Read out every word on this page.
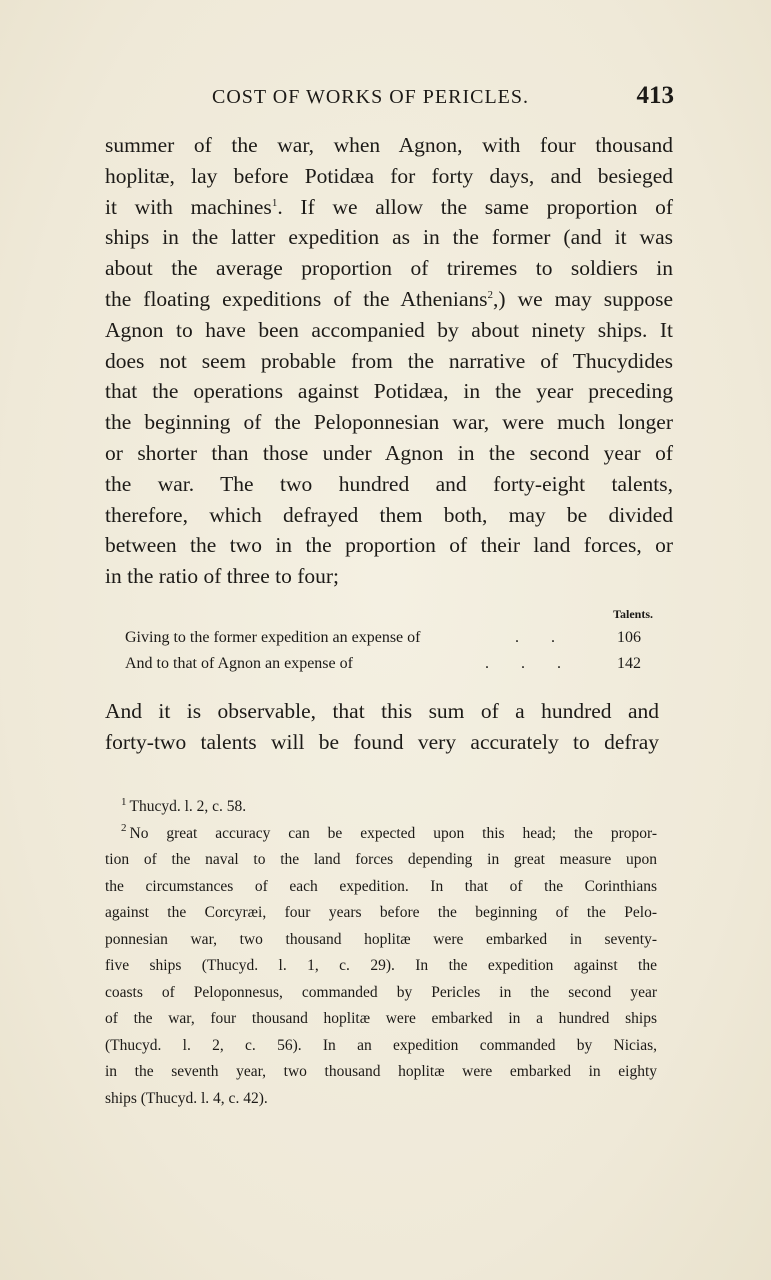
COST OF WORKS OF PERICLES.	413
summer of the war, when Agnon, with four thousand
hoplitæ, lay before Potidæa for forty days, and besieged
it with machines$^1$. If we allow the same proportion of
ships in the latter expedition as in the former (and it was
about the average proportion of triremes to soldiers in
the floating expeditions of the Athenians$^2$,) we may suppose
Agnon to have been accompanied by about ninety ships. It
does not seem probable from the narrative of Thucydides
that the operations against Potidæa, in the year preceding
the beginning of the Peloponnesian war, were much longer
or shorter than those under Agnon in the second year of
the war. The two hundred and forty-eight talents,
therefore, which defrayed them both, may be divided
between the two in the proportion of their land forces, or
in the ratio of three to four;
Talents.
Giving to the former expedition an expense of	. .	106
And to that of Agnon an expense of	. . .	142
And it is observable, that this sum of a hundred and
forty-two talents will be found very accurately to defray
$^1$ Thucyd. l. 2, c. 58.
$^2$ No great accuracy can be expected upon this head; the propor-
tion of the naval to the land forces depending in great measure upon
the circumstances of each expedition. In that of the Corinthians
against the Corcyræi, four years before the beginning of the Pelo-
ponnesian war, two thousand hoplitæ were embarked in seventy-
five ships (Thucyd. l. 1, c. 29). In the expedition against the
coasts of Peloponnesus, commanded by Pericles in the second year
of the war, four thousand hoplitæ were embarked in a hundred ships
(Thucyd. l. 2, c. 56). In an expedition commanded by Nicias,
in the seventh year, two thousand hoplitæ were embarked in eighty
ships (Thucyd. l. 4, c. 42).
